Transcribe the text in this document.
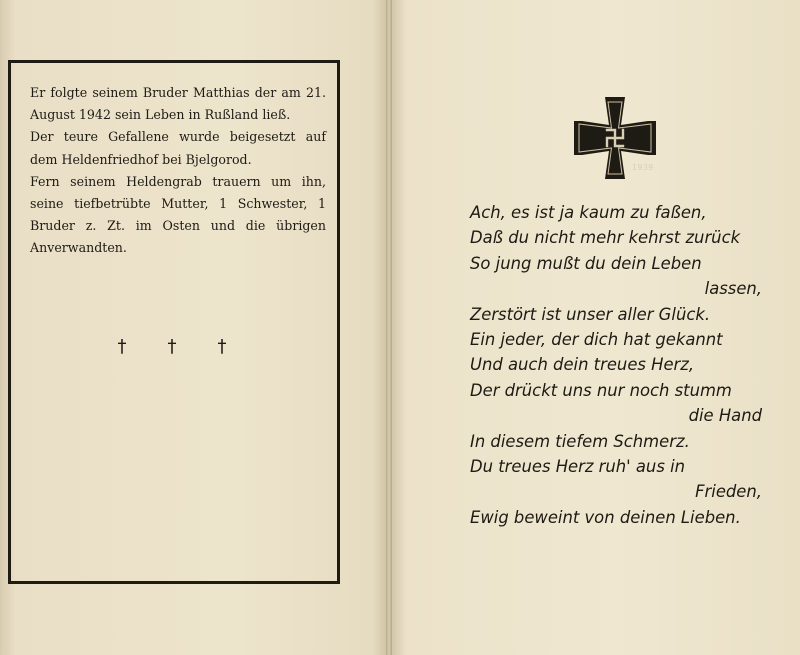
Er folgte seinem Bruder Matthias der am 21. August 1942 sein Leben in Rußland ließ.

Der teure Gefallene wurde beigesetzt auf dem Heldenfriedhof bei Bjelgorod.

Fern seinem Heldengrab trauern um ihn, seine tiefbetrübte Mutter, 1 Schwester, 1 Bruder z. Zt. im Osten und die übrigen Anverwandten.

†	†	†
1939
Ach, es ist ja kaum zu faßen,
Daß du nicht mehr kehrst zurück
So jung mußt du dein Leben
lassen,
Zerstört ist unser aller Glück.
Ein jeder, der dich hat gekannt
Und auch dein treues Herz,
Der drückt uns nur noch stumm
die Hand
In diesem tiefem Schmerz.
Du treues Herz ruh' aus in
Frieden,
Ewig beweint von deinen Lieben.
